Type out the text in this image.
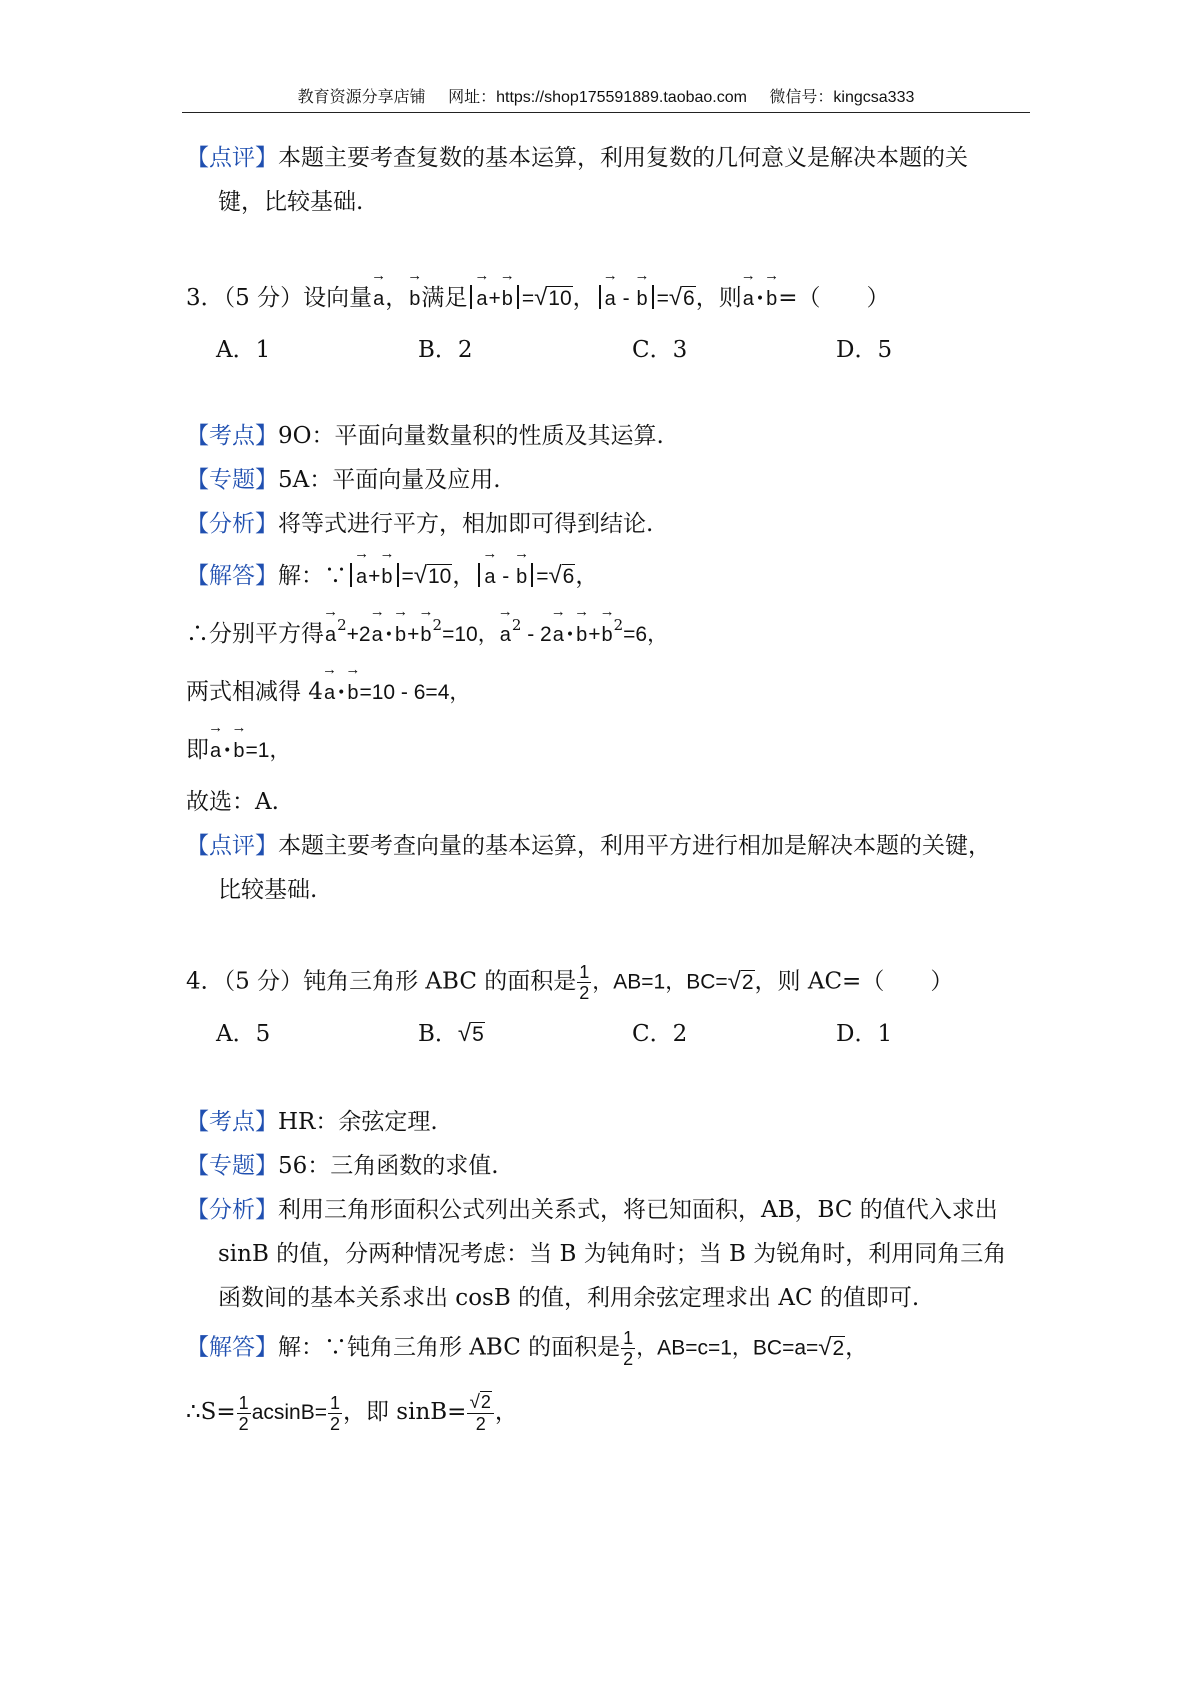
教育资源分享店铺 网址：https://shop175591889.taobao.com 微信号：kingcsa333
【点评】本题主要考查复数的基本运算，利用复数的几何意义是解决本题的关
键，比较基础.
3．（5 分）设向量→ a，→ b满足 → a+→ b =√10， → a - → b =√6，则→ a • → b=（　　）
A．1	B．2	C．3	D．5
【考点】9O：平面向量数量积的性质及其运算.
【专题】5A：平面向量及应用.
【分析】将等式进行平方，相加即可得到结论.
【解答】解：∵ → a+→ b =√10， → a - → b =√6，
∴分别平方得→ $a^2+2\to a$ • → $b+\to b^2=10$，→ $a^2 - 2\to a$ • → $b+\to b^2=6$，
两式相减得 4→ a • → b=10 - 6=4，
即→ a • → b=1，
故选：A.
【点评】本题主要考查向量的基本运算，利用平方进行相加是解决本题的关键，
比较基础.
4．（5 分）钝角三角形 ABC 的面积是 $\frac{1}{2}$ ，AB=1，BC=√2，则 AC=（　　）
A．5	B．√5	C．2	D．1
【考点】HR：余弦定理.
【专题】56：三角函数的求值.
【分析】利用三角形面积公式列出关系式，将已知面积，AB，BC 的值代入求出
sinB 的值，分两种情况考虑：当 B 为钝角时；当 B 为锐角时，利用同角三角
函数间的基本关系求出 cosB 的值，利用余弦定理求出 AC 的值即可.
【解答】解：∵钝角三角形 ABC 的面积是 $\frac{1}{2}$ ，AB=c=1，BC=a=√2，
∴S= $\frac{1}{2} acsinB= \frac{1}{2}$ ，即 $\sin B= \frac{√2}{2}$ ，
